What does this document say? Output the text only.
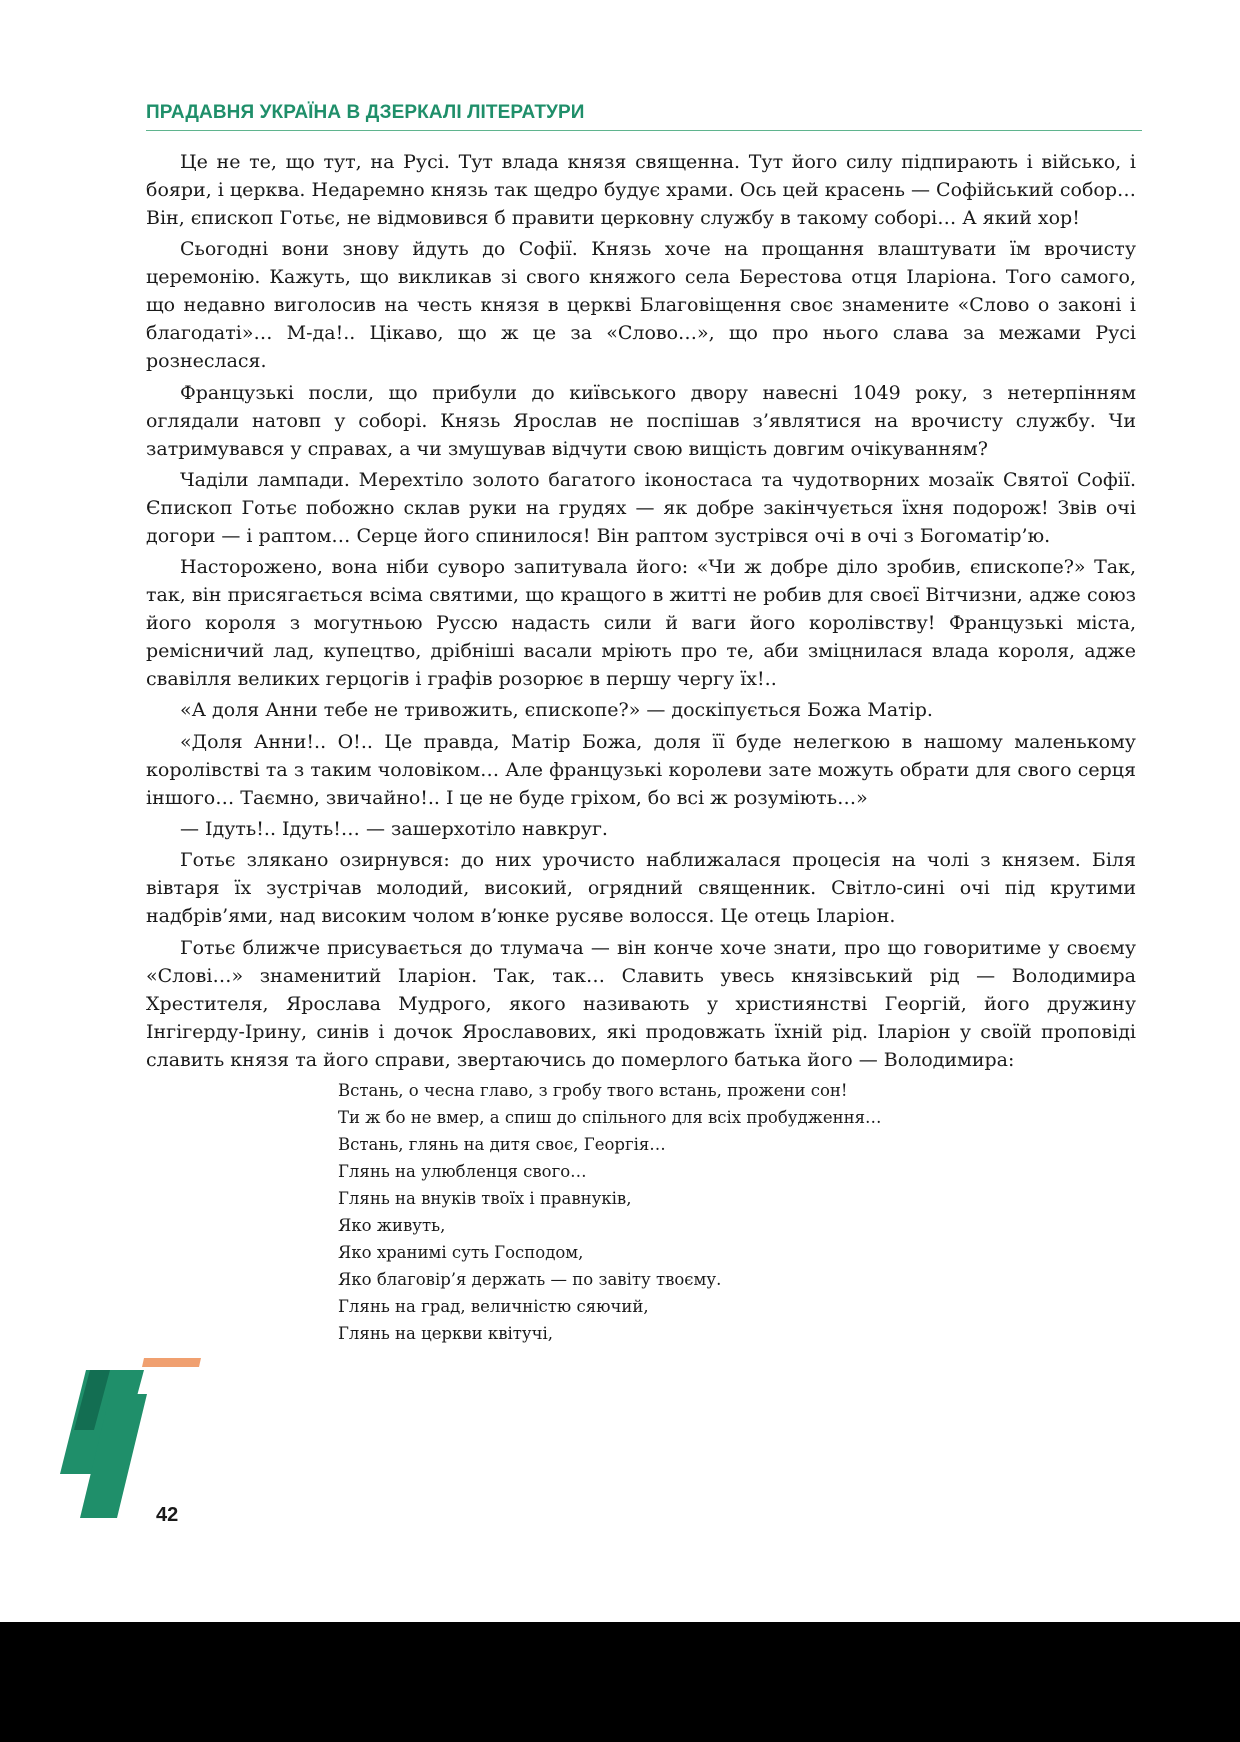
ПРАДАВНЯ УКРАЇНА В ДЗЕРКАЛІ ЛІТЕРАТУРИ

Це не те, що тут, на Русі. Тут влада князя священна. Тут його силу підпирають і військо, і бояри, і церква. Недаремно князь так щедро будує храми. Ось цей красень — Софійський собор… Він, єпископ Готьє, не відмовився б правити церковну службу в такому соборі… А який хор!

Сьогодні вони знову йдуть до Софії. Князь хоче на прощання влаштувати їм врочисту церемонію. Кажуть, що викликав зі свого княжого села Берестова отця Іларіона. Того самого, що недавно виголосив на честь князя в церкві Благовіщення своє знамените «Слово о законі і благодаті»… М-да!.. Цікаво, що ж це за «Слово…», що про нього слава за межами Русі рознеслася.

Французькі посли, що прибули до київського двору навесні 1049 року, з нетерпінням оглядали натовп у соборі. Князь Ярослав не поспішав з’являтися на врочисту службу. Чи затримувався у справах, а чи змушував відчути свою вищість довгим очікуванням?

Чаділи лампади. Мерехтіло золото багатого іконостаса та чудотворних мозаїк Святої Софії. Єпископ Готьє побожно склав руки на грудях — як добре закінчується їхня подорож! Звів очі догори — і раптом… Серце його спинилося! Він раптом зустрівся очі в очі з Богоматір’ю.

Насторожено, вона ніби суворо запитувала його: «Чи ж добре діло зробив, єпископе?» Так, так, він присягається всіма святими, що кращого в житті не робив для своєї Вітчизни, адже союз його короля з могутньою Руссю надасть сили й ваги його королівству! Французькі міста, ремісничий лад, купецтво, дрібніші васали мріють про те, аби зміцнилася влада короля, адже свавілля великих герцогів і графів розорює в першу чергу їх!..

«А доля Анни тебе не тривожить, єпископе?» — доскіпується Божа Матір.

«Доля Анни!.. О!.. Це правда, Матір Божа, доля її буде нелегкою в нашому маленькому королівстві та з таким чоловіком… Але французькі королеви зате можуть обрати для свого серця іншого… Таємно, звичайно!.. І це не буде гріхом, бо всі ж розуміють…»

— Ідуть!.. Ідуть!… — зашерхотіло навкруг.

Готьє злякано озирнувся: до них урочисто наближалася процесія на чолі з князем. Біля вівтаря їх зустрічав молодий, високий, огрядний священник. Світло-сині очі під крутими надбрів’ями, над високим чолом в’юнке русяве волосся. Це отець Іларіон.

Готьє ближче присувається до тлумача — він конче хоче знати, про що говоритиме у своєму «Слові…» знаменитий Іларіон. Так, так… Славить увесь князівський рід — Володимира Хрестителя, Ярослава Мудрого, якого називають у християнстві Георгій, його дружину Інгігерду-Ірину, синів і дочок Ярославових, які продовжать їхній рід. Іларіон у своїй проповіді славить князя та його справи, звертаючись до померлого батька його — Володимира:

Встань, о чесна главо, з гробу твого встань, прожени сон!
Ти ж бо не вмер, а спиш до спільного для всіх пробудження…
Встань, глянь на дитя своє, Георгія…
Глянь на улюбленця свого…
Глянь на внуків твоїх і правнуків,
Яко живуть,
Яко хранимі суть Господом,
Яко благовір’я держать — по завіту твоєму.
Глянь на град, величністю сяючий,
Глянь на церкви квітучі,
42
